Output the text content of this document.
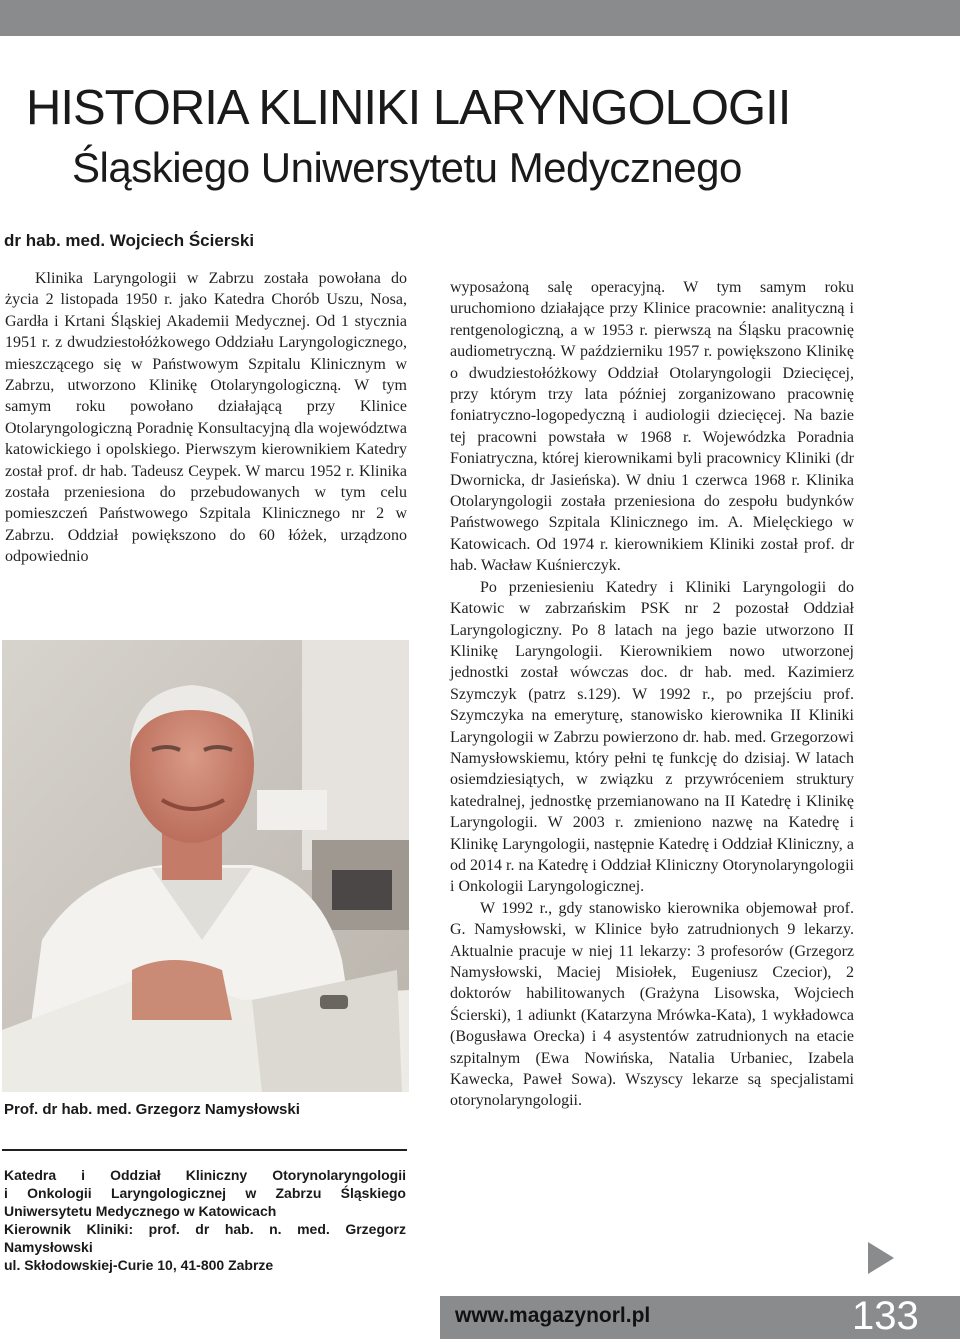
HISTORIA KLINIKI LARYNGOLOGII
Śląskiego Uniwersytetu Medycznego
dr hab. med. Wojciech Ścierski

Klinika Laryngologii w Zabrzu została powołana do życia 2 listopada 1950 r. jako Katedra Chorób Uszu, Nosa, Gardła i Krtani Śląskiej Akademii Medycznej. Od 1 stycznia 1951 r. z dwudziestołóżkowego Oddziału Laryngologicznego, mieszczącego się w Państwowym Szpitalu Klinicznym w Zabrzu, utworzono Klinikę Otolaryngologiczną. W tym samym roku powołano działającą przy Klinice Otolaryngologiczną Poradnię Konsultacyjną dla województwa katowickiego i opolskiego. Pierwszym kierownikiem Katedry został prof. dr hab. Tadeusz Ceypek. W marcu 1952 r. Klinika została przeniesiona do przebudowanych w tym celu pomieszczeń Państwowego Szpitala Klinicznego nr 2 w Zabrzu. Oddział powiększono do 60 łóżek, urządzono odpowiednio

Prof. dr hab. med. Grzegorz Namysłowski
Katedra i Oddział Kliniczny Otorynolaryngologii
i Onkologii Laryngologicznej w Zabrzu Śląskiego
Uniwersytetu Medycznego w Katowicach
Kierownik Kliniki: prof. dr hab. n. med. Grzegorz
Namysłowski
ul. Skłodowskiej-Curie 10, 41-800 Zabrze

wyposażoną salę operacyjną. W tym samym roku uruchomiono działające przy Klinice pracownie: analityczną i rentgenologiczną, a w 1953 r. pierwszą na Śląsku pracownię audiometryczną. W październiku 1957 r. powiększono Klinikę o dwudziestołóżkowy Oddział Otolaryngologii Dziecięcej, przy którym trzy lata później zorganizowano pracownię foniatryczno-logopedyczną i audiologii dziecięcej. Na bazie tej pracowni powstała w 1968 r. Wojewódzka Poradnia Foniatryczna, której kierownikami byli pracownicy Kliniki (dr Dwornicka, dr Jasieńska). W dniu 1 czerwca 1968 r. Klinika Otolaryngologii została przeniesiona do zespołu budynków Państwowego Szpitala Klinicznego im. A. Mielęckiego w Katowicach. Od 1974 r. kierownikiem Kliniki został prof. dr hab. Wacław Kuśnierczyk.

Po przeniesieniu Katedry i Kliniki Laryngologii do Katowic w zabrzańskim PSK nr 2 pozostał Oddział Laryngologiczny. Po 8 latach na jego bazie utworzono II Klinikę Laryngologii. Kierownikiem nowo utworzonej jednostki został wówczas doc. dr hab. med. Kazimierz Szymczyk (patrz s.129). W 1992 r., po przejściu prof. Szymczyka na emeryturę, stanowisko kierownika II Kliniki Laryngologii w Zabrzu powierzono dr. hab. med. Grzegorzowi Namysłowskiemu, który pełni tę funkcję do dzisiaj. W latach osiemdziesiątych, w związku z przywróceniem struktury katedralnej, jednostkę przemianowano na II Katedrę i Klinikę Laryngologii. W 2003 r. zmieniono nazwę na Katedrę i Klinikę Laryngologii, następnie Katedrę i Oddział Kliniczny, a od 2014 r. na Katedrę i Oddział Kliniczny Otorynolaryngologii i Onkologii Laryngologicznej.

W 1992 r., gdy stanowisko kierownika objemował prof. G. Namysłowski, w Klinice było zatrudnionych 9 lekarzy. Aktualnie pracuje w niej 11 lekarzy: 3 profesorów (Grzegorz Namysłowski, Maciej Misiołek, Eugeniusz Czecior), 2 doktorów habilitowanych (Grażyna Lisowska, Wojciech Ścierski), 1 adiunkt (Katarzyna Mrówka-Kata), 1 wykładowca (Bogusława Orecka) i 4 asystentów zatrudnionych na etacie szpitalnym (Ewa Nowińska, Natalia Urbaniec, Izabela Kawecka, Paweł Sowa). Wszyscy lekarze są specjalistami otorynolaryngologii.

www.magazynorl.pl	133
